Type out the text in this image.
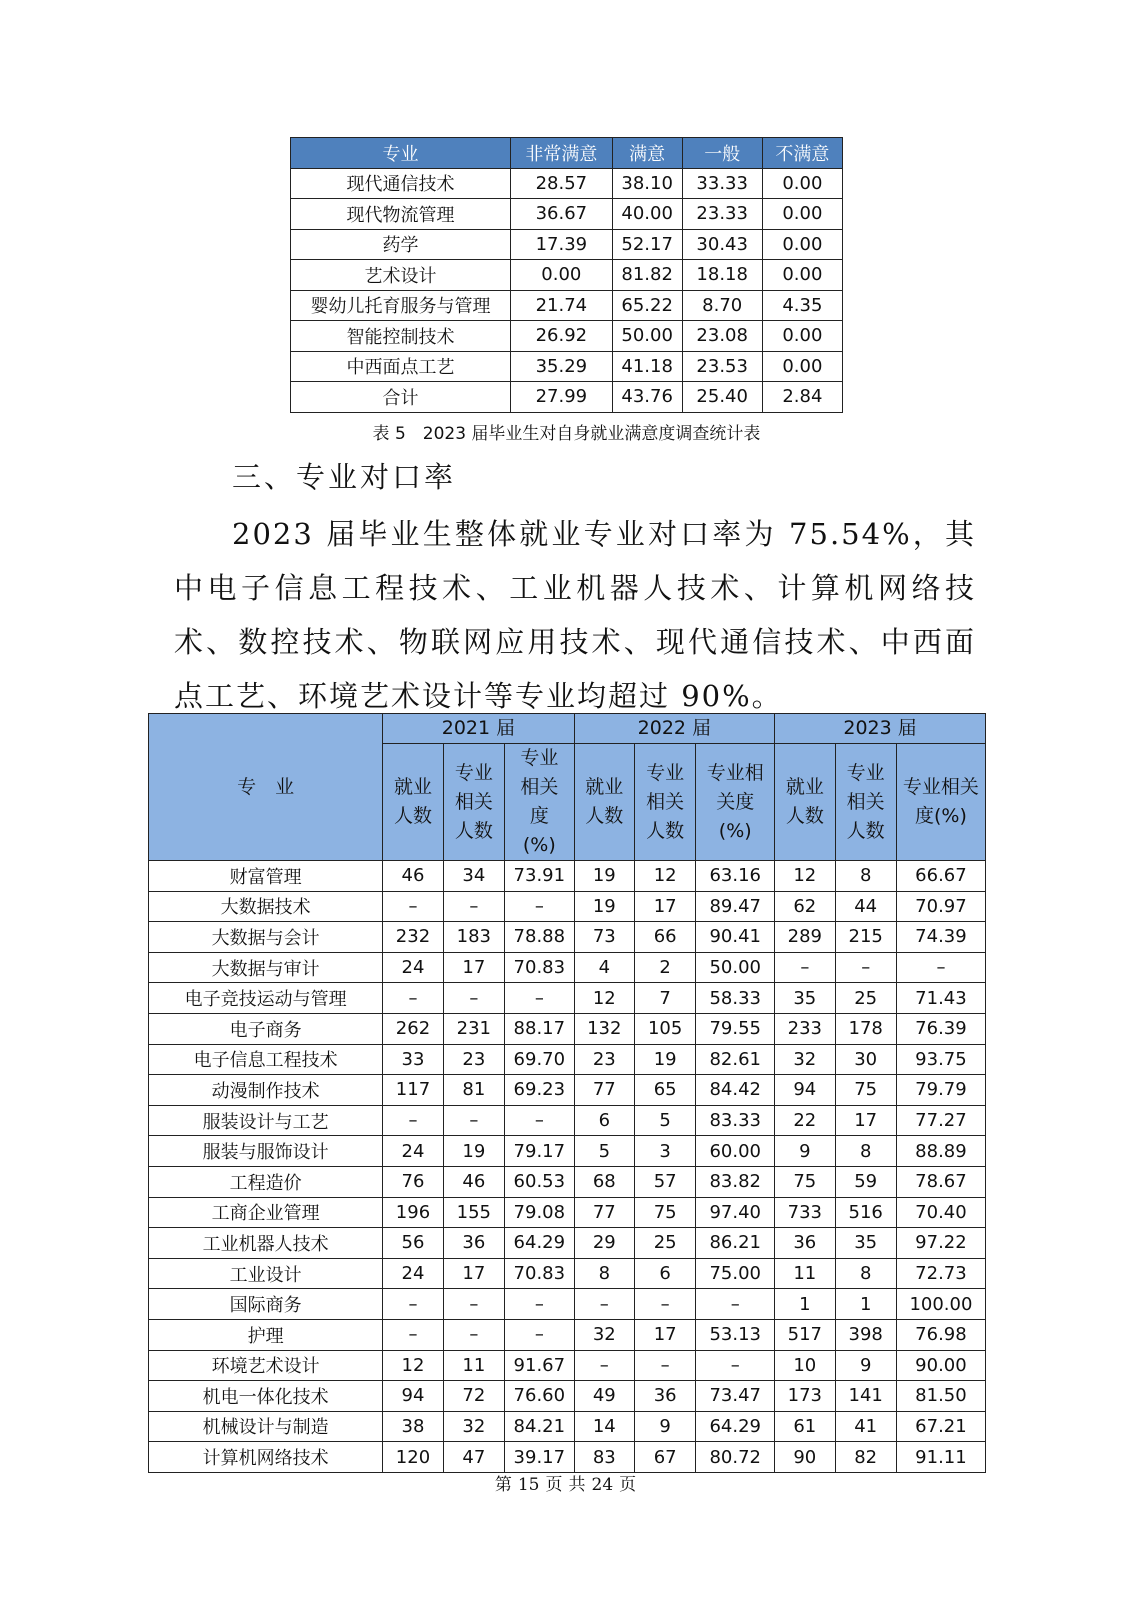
专业	非常满意	满意	一般	不满意
现代通信技术	28.57	38.10	33.33	0.00
现代物流管理	36.67	40.00	23.33	0.00
药学	17.39	52.17	30.43	0.00
艺术设计	0.00	81.82	18.18	0.00
婴幼儿托育服务与管理	21.74	65.22	8.70	4.35
智能控制技术	26.92	50.00	23.08	0.00
中西面点工艺	35.29	41.18	23.53	0.00
合计	27.99	43.76	25.40	2.84
表 5　2023 届毕业生对自身就业满意度调查统计表
三、专业对口率
2023 届毕业生整体就业专业对口率为 75.54%，其中电子信息工程技术、工业机器人技术、计算机网络技术、数控技术、物联网应用技术、现代通信技术、中西面点工艺、环境艺术设计等专业均超过 90%。
专　业	2021 届			2022 届			2023 届		
	就业人数	专业相关人数	专业相关度(%)	就业人数	专业相关人数	专业相关度(%)	就业人数	专业相关人数	专业相关度(%)
财富管理	46	34	73.91	19	12	63.16	12	8	66.67
大数据技术	–	–	–	19	17	89.47	62	44	70.97
大数据与会计	232	183	78.88	73	66	90.41	289	215	74.39
大数据与审计	24	17	70.83	4	2	50.00	–	–	–
电子竞技运动与管理	–	–	–	12	7	58.33	35	25	71.43
电子商务	262	231	88.17	132	105	79.55	233	178	76.39
电子信息工程技术	33	23	69.70	23	19	82.61	32	30	93.75
动漫制作技术	117	81	69.23	77	65	84.42	94	75	79.79
服装设计与工艺	–	–	–	6	5	83.33	22	17	77.27
服装与服饰设计	24	19	79.17	5	3	60.00	9	8	88.89
工程造价	76	46	60.53	68	57	83.82	75	59	78.67
工商企业管理	196	155	79.08	77	75	97.40	733	516	70.40
工业机器人技术	56	36	64.29	29	25	86.21	36	35	97.22
工业设计	24	17	70.83	8	6	75.00	11	8	72.73
国际商务	–	–	–	–	–	–	1	1	100.00
护理	–	–	–	32	17	53.13	517	398	76.98
环境艺术设计	12	11	91.67	–	–	–	10	9	90.00
机电一体化技术	94	72	76.60	49	36	73.47	173	141	81.50
机械设计与制造	38	32	84.21	14	9	64.29	61	41	67.21
计算机网络技术	120	47	39.17	83	67	80.72	90	82	91.11
第 15 页 共 24 页
